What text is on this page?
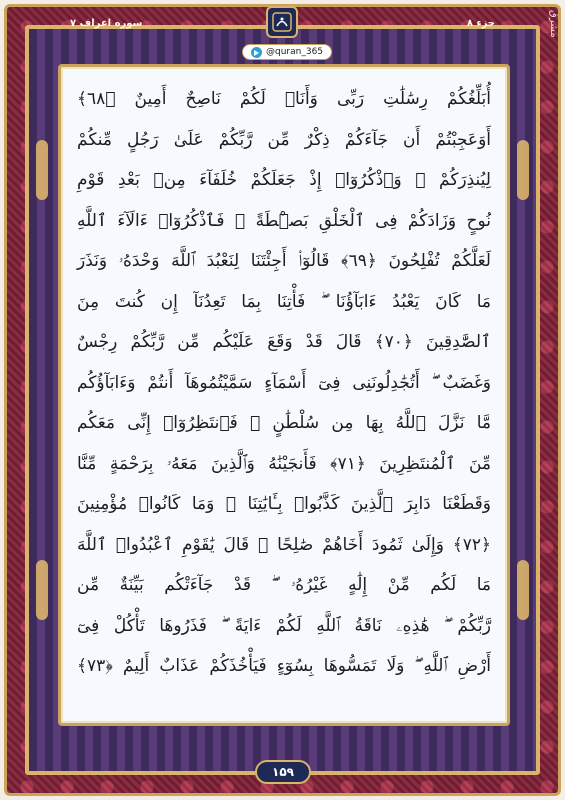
جزء ۸
سوره اعراف ۷	مشرق
أُبَلِّغُكُمْ رِسَٰلَٰتِ رَبِّى وَأَنَا۠ لَكُمْ نَاصِحٌ أَمِينٌ ﴿٦٨﴾
أَوَعَجِبْتُمْ أَن جَآءَكُمْ ذِكْرٌ مِّن رَّبِّكُمْ عَلَىٰ رَجُلٍ مِّنكُمْ
لِيُنذِرَكُمْ ۚ وَٱذْكُرُوٓا۟ إِذْ جَعَلَكُمْ خُلَفَآءَ مِنۢ بَعْدِ قَوْمِ
نُوحٍ وَزَادَكُمْ فِى ٱلْخَلْقِ بَصْۜطَةً ۖ فَٱذْكُرُوٓا۟ ءَالَآءَ ٱللَّهِ
لَعَلَّكُمْ تُفْلِحُونَ ﴿٦٩﴾ قَالُوٓا۟ أَجِئْتَنَا لِنَعْبُدَ ٱللَّهَ وَحْدَهُۥ وَنَذَرَ
مَا كَانَ يَعْبُدُ ءَابَآؤُنَا ۖ فَأْتِنَا بِمَا تَعِدُنَآ إِن كُنتَ مِنَ
ٱلصَّٰدِقِينَ ﴿٧٠﴾ قَالَ قَدْ وَقَعَ عَلَيْكُم مِّن رَّبِّكُمْ رِجْسٌ
وَغَضَبٌ ۖ أَتُجَٰدِلُونَنِى فِىٓ أَسْمَآءٍ سَمَّيْتُمُوهَآ أَنتُمْ وَءَابَآؤُكُم
مَّا نَزَّلَ ٱللَّهُ بِهَا مِن سُلْطَٰنٍ ۚ فَٱنتَظِرُوٓا۟ إِنِّى مَعَكُم
مِّنَ ٱلْمُنتَظِرِينَ ﴿٧١﴾ فَأَنجَيْنَٰهُ وَٱلَّذِينَ مَعَهُۥ بِرَحْمَةٍ مِّنَّا
وَقَطَعْنَا دَابِرَ ٱلَّذِينَ كَذَّبُوا۟ بِـَٔايَٰتِنَا ۖ وَمَا كَانُوا۟ مُؤْمِنِينَ
﴿٧٢﴾ وَإِلَىٰ ثَمُودَ أَخَاهُمْ صَٰلِحًا ۗ قَالَ يَٰقَوْمِ ٱعْبُدُوا۟ ٱللَّهَ
مَا لَكُم مِّنْ إِلَٰهٍ غَيْرُهُۥ ۖ قَدْ جَآءَتْكُم بَيِّنَةٌ مِّن
رَّبِّكُمْ ۖ هَٰذِهِۦ نَاقَةُ ٱللَّهِ لَكُمْ ءَايَةً ۖ فَذَرُوهَا تَأْكُلْ فِىٓ
أَرْضِ ٱللَّهِ ۖ وَلَا تَمَسُّوهَا بِسُوٓءٍ فَيَأْخُذَكُمْ عَذَابٌ أَلِيمٌ ﴿٧٣﴾
@quran_365
۱۵۹
